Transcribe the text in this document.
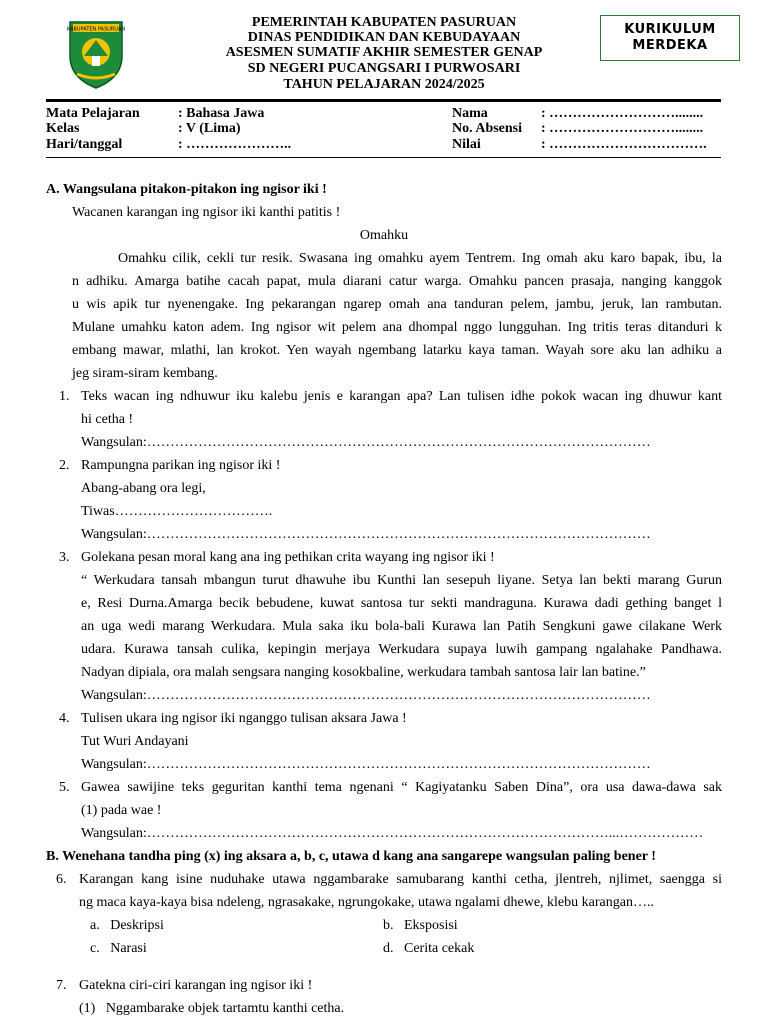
KABUPATEN PASURUAN	PEMERINTAH KABUPATEN PASURUAN
DINAS PENDIDIKAN DAN KEBUDAYAAN
ASESMEN SUMATIF AKHIR SEMESTER GENAP
SD NEGERI PUCANGSARI I PURWOSARI
TAHUN PELAJARAN 2024/2025
KURIKULUM
MERDEKA
Mata Pelajaran	: Bahasa Jawa
Kelas	: V (Lima)
Hari/tanggal	: …………………..
Nama	: ………………………........
No. Absensi : ………………………........
Nilai	: …………………………….
A. Wangsulana pitakon-pitakon ing ngisor iki !
Wacanen karangan ing ngisor iki kanthi patitis !
Omahku
Omahku cilik, cekli tur resik. Swasana ing omahku ayem Tentrem. Ing omah aku karo bapak, ibu, la
n adhiku. Amarga batihe cacah papat, mula diarani catur warga. Omahku pancen prasaja, nanging kanggok
u wis apik tur nyenengake. Ing pekarangan ngarep omah ana tanduran pelem, jambu, jeruk, lan rambutan.
Mulane umahku katon adem. Ing ngisor wit pelem ana dhompal nggo lungguhan. Ing tritis teras ditanduri k
embang mawar, mlathi, lan krokot. Yen wayah ngembang latarku kaya taman. Wayah sore aku lan adhiku a
jeg siram-siram kembang.
1. Teks wacan ing ndhuwur iku kalebu jenis e karangan apa? Lan tulisen idhe pokok wacan ing dhuwur kant
hi cetha !
Wangsulan:………………………………………………………………………………………………
2. Rampungna parikan ing ngisor iki !
Abang-abang ora legi,
Tiwas…………………………….
Wangsulan:………………………………………………………………………………………………
3. Golekana pesan moral kang ana ing pethikan crita wayang ing ngisor iki !
“ Werkudara tansah mbangun turut dhawuhe ibu Kunthi lan sesepuh liyane. Setya lan bekti marang Gurun
e, Resi Durna.Amarga becik bebudene, kuwat santosa tur sekti mandraguna. Kurawa dadi gething banget l
an uga wedi marang Werkudara. Mula saka iku bola-bali Kurawa lan Patih Sengkuni gawe cilakane Werk
udara. Kurawa tansah culika, kepingin merjaya Werkudara supaya luwih gampang ngalahake Pandhawa.
Nadyan dipiala, ora malah sengsara nanging kosokbaline, werkudara tambah santosa lair lan batine.”
Wangsulan:………………………………………………………………………………………………
4. Tulisen ukara ing ngisor iki nganggo tulisan aksara Jawa !
Tut Wuri Andayani
Wangsulan:………………………………………………………………………………………………
5. Gawea sawijine teks geguritan kanthi tema ngenani “ Kagiyatanku Saben Dina”, ora usa dawa-dawa sak
(1) pada wae !
Wangsulan:………………………………………………………………………………………...………………
B. Wenehana tandha ping (x) ing aksara a, b, c, utawa d kang ana sangarepe wangsulan paling bener !
6. Karangan kang isine nuduhake utawa nggambarake samubarang kanthi cetha, jlentreh, njlimet, saengga si
ng maca kaya-kaya bisa ndeleng, ngrasakake, ngrungokake, utawa ngalami dhewe, klebu karangan…..
a.   Deskripsi	b.   Eksposisi
c.   Narasi	d.   Cerita cekak
7. Gatekna ciri-ciri karangan ing ngisor iki !
(1)   Nggambarake objek tartamtu kanthi cetha.
